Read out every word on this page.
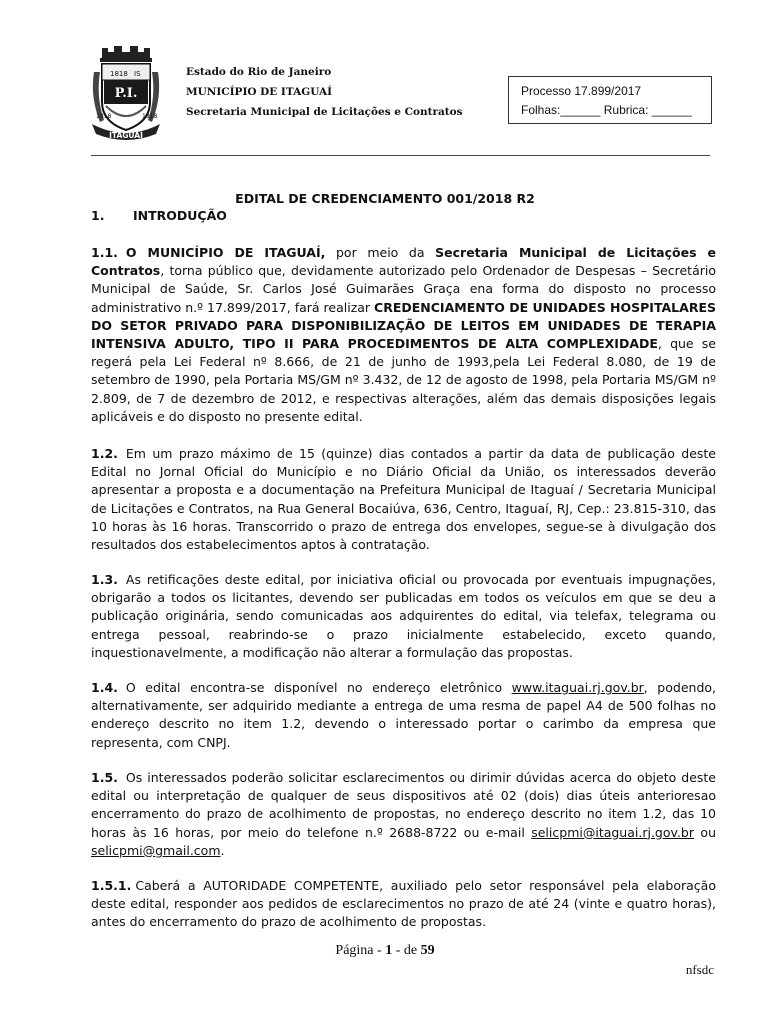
1818 IS
P.I.
ITAGUAÍ
1818	1818
Estado do Rio de Janeiro
MUNICÍPIO DE ITAGUAÍ
Secretaria Municipal de Licitações e Contratos
Processo 17.899/2017
Folhas:______ Rubrica: ______
EDITAL DE CREDENCIAMENTO 001/2018 R2
1. INTRODUÇÃO
1.1. O MUNICÍPIO DE ITAGUAÍ, por meio da Secretaria Municipal de Licitações e Contratos, torna público que, devidamente autorizado pelo Ordenador de Despesas – Secretário Municipal de Saúde, Sr. Carlos José Guimarães Graça ena forma do disposto no processo administrativo n.º 17.899/2017, fará realizar CREDENCIAMENTO DE UNIDADES HOSPITALARES DO SETOR PRIVADO PARA DISPONIBILIZAÇÃO DE LEITOS EM UNIDADES DE TERAPIA INTENSIVA ADULTO, TIPO II PARA PROCEDIMENTOS DE ALTA COMPLEXIDADE, que se regerá pela Lei Federal nº 8.666, de 21 de junho de 1993,pela Lei Federal 8.080, de 19 de setembro de 1990, pela Portaria MS/GM nº 3.432, de 12 de agosto de 1998, pela Portaria MS/GM nº 2.809, de 7 de dezembro de 2012, e respectivas alterações, além das demais disposições legais aplicáveis e do disposto no presente edital.
1.2. Em um prazo máximo de 15 (quinze) dias contados a partir da data de publicação deste Edital no Jornal Oficial do Município e no Diário Oficial da União, os interessados deverão apresentar a proposta e a documentação na Prefeitura Municipal de Itaguaí / Secretaria Municipal de Licitações e Contratos, na Rua General Bocaiúva, 636, Centro, Itaguaí, RJ, Cep.: 23.815-310, das 10 horas às 16 horas. Transcorrido o prazo de entrega dos envelopes, segue-se à divulgação dos resultados dos estabelecimentos aptos à contratação.
1.3. As retificações deste edital, por iniciativa oficial ou provocada por eventuais impugnações, obrigarão a todos os licitantes, devendo ser publicadas em todos os veículos em que se deu a publicação originária, sendo comunicadas aos adquirentes do edital, via telefax, telegrama ou entrega pessoal, reabrindo-se o prazo inicialmente estabelecido, exceto quando, inquestionavelmente, a modificação não alterar a formulação das propostas.
1.4. O edital encontra-se disponível no endereço eletrônico www.itaguai.rj.gov.br, podendo, alternativamente, ser adquirido mediante a entrega de uma resma de papel A4 de 500 folhas no endereço descrito no item 1.2, devendo o interessado portar o carimbo da empresa que representa, com CNPJ.
1.5. Os interessados poderão solicitar esclarecimentos ou dirimir dúvidas acerca do objeto deste edital ou interpretação de qualquer de seus dispositivos até 02 (dois) dias úteis anterioresao encerramento do prazo de acolhimento de propostas, no endereço descrito no item 1.2, das 10 horas às 16 horas, por meio do telefone n.º 2688-8722 ou e-mail selicpmi@itaguai.rj.gov.br ou selicpmi@gmail.com.
1.5.1. Caberá a AUTORIDADE COMPETENTE, auxiliado pelo setor responsável pela elaboração deste edital, responder aos pedidos de esclarecimentos no prazo de até 24 (vinte e quatro horas), antes do encerramento do prazo de acolhimento de propostas.
Página - 1 - de 59
nfsdc
